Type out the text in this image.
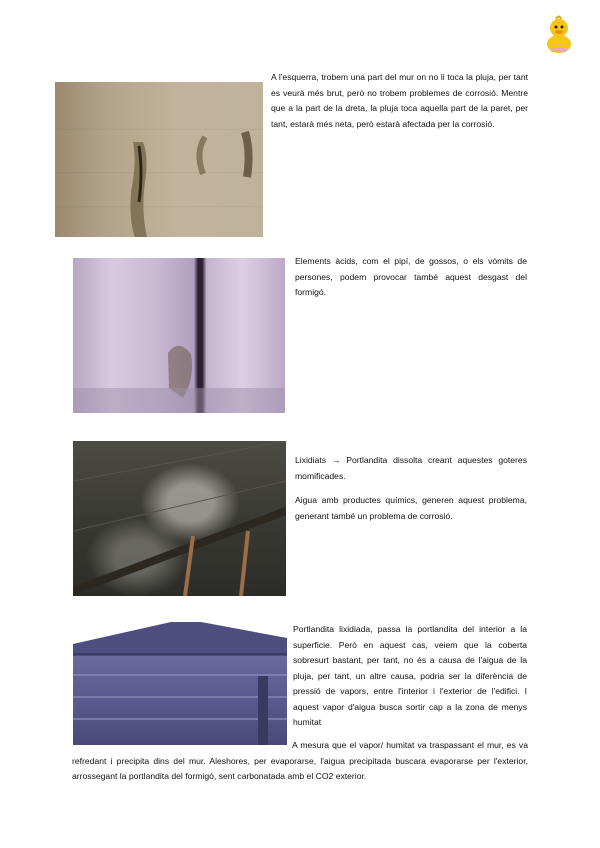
A l'esquerra, trobem una part del mur on no li toca la pluja, per tant es veurà més brut, però no trobem problemes de corrosió. Mentre que a la part de la dreta, la pluja toca aquella part de la paret, per tant, estarà més neta, però estarà afectada per la corrosió.
Elements àcids, com el pipí, de gossos, o els vòmits de persones, podem provocar també aquest desgast del formigó.
Lixidiats → Portlandita dissolta creant aquestes goteres momificades.
Aigua amb productes químics, generen aquest problema, generant també un problema de corrosió.
Portlandita lixidiada, passa la portlandita del interior a la superficie. Però en aquest cas, veiem que la coberta sobresurt bastant, per tant, no és a causa de l'aigua de la pluja, per tant, un altre causa, podria ser la diferència de pressió de vapors, entre l'interior i l'exterior de l'edifici. I aquest vapor d'aigua busca sortir cap a la zona de menys humitat
A mesura que el vapor/ humitat va traspassant el mur, es va refredant i precipita dins del mur. Aleshores, per evaporarse, l'aigua precipitada buscara evaporarse per l'exterior, arrossegant la portlandita del formigó, sent carbonatada amb el CO2 exterior.
